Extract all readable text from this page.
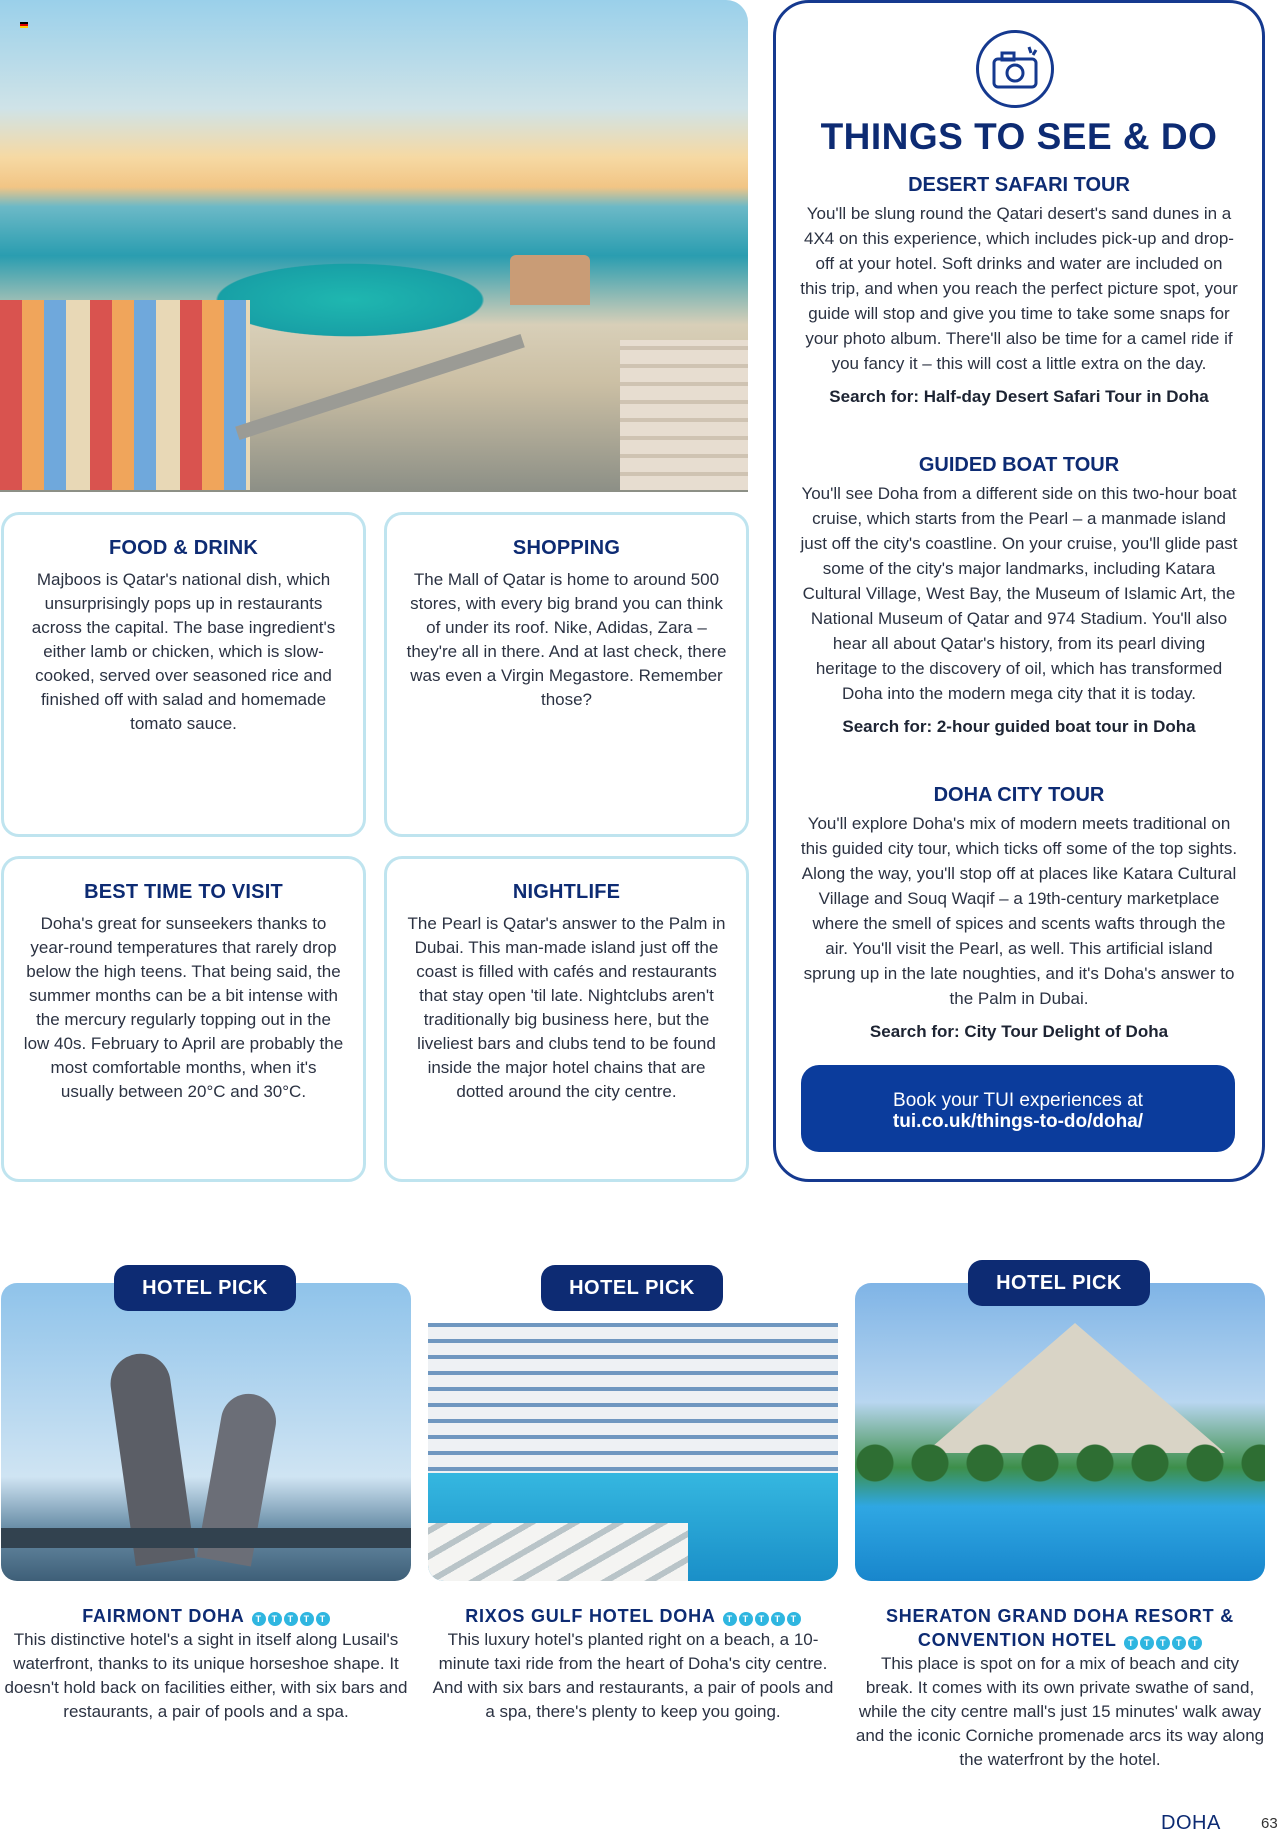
FOOD & DRINK

Majboos is Qatar's national dish, which unsurprisingly pops up in restaurants across the capital. The base ingredient's either lamb or chicken, which is slow-cooked, served over seasoned rice and finished off with salad and homemade tomato sauce.

SHOPPING

The Mall of Qatar is home to around 500 stores, with every big brand you can think of under its roof. Nike, Adidas, Zara – they're all in there. And at last check, there was even a Virgin Megastore. Remember those?

BEST TIME TO VISIT

Doha's great for sunseekers thanks to year-round temperatures that rarely drop below the high teens. That being said, the summer months can be a bit intense with the mercury regularly topping out in the low 40s. February to April are probably the most comfortable months, when it's usually between 20°C and 30°C.

NIGHTLIFE

The Pearl is Qatar's answer to the Palm in Dubai. This man-made island just off the coast is filled with cafés and restaurants that stay open 'til late. Nightclubs aren't traditionally big business here, but the liveliest bars and clubs tend to be found inside the major hotel chains that are dotted around the city centre.

THINGS TO SEE & DO
DESERT SAFARI TOUR

You'll be slung round the Qatari desert's sand dunes in a 4X4 on this experience, which includes pick-up and drop-off at your hotel. Soft drinks and water are included on this trip, and when you reach the perfect picture spot, your guide will stop and give you time to take some snaps for your photo album. There'll also be time for a camel ride if you fancy it – this will cost a little extra on the day.

Search for: Half-day Desert Safari Tour in Doha

GUIDED BOAT TOUR

You'll see Doha from a different side on this two-hour boat cruise, which starts from the Pearl – a manmade island just off the city's coastline. On your cruise, you'll glide past some of the city's major landmarks, including Katara Cultural Village, West Bay, the Museum of Islamic Art, the National Museum of Qatar and 974 Stadium. You'll also hear all about Qatar's history, from its pearl diving heritage to the discovery of oil, which has transformed Doha into the modern mega city that it is today.

Search for: 2-hour guided boat tour in Doha

DOHA CITY TOUR

You'll explore Doha's mix of modern meets traditional on this guided city tour, which ticks off some of the top sights. Along the way, you'll stop off at places like Katara Cultural Village and Souq Waqif – a 19th-century marketplace where the smell of spices and scents wafts through the air. You'll visit the Pearl, as well. This artificial island sprung up in the late noughties, and it's Doha's answer to the Palm in Dubai.

Search for: City Tour Delight of Doha

Book your TUI experiences at
tui.co.uk/things-to-do/doha/
HOTEL PICK	HOTEL PICK	HOTEL PICK
FAIRMONT DOHA T T T T T

This distinctive hotel's a sight in itself along Lusail's waterfront, thanks to its unique horseshoe shape. It doesn't hold back on facilities either, with six bars and restaurants, a pair of pools and a spa.

RIXOS GULF HOTEL DOHA T T T T T

This luxury hotel's planted right on a beach, a 10-minute taxi ride from the heart of Doha's city centre. And with six bars and restaurants, a pair of pools and a spa, there's plenty to keep you going.

SHERATON GRAND DOHA RESORT &
CONVENTION HOTEL T T T T T

This place is spot on for a mix of beach and city break. It comes with its own private swathe of sand, while the city centre mall's just 15 minutes' walk away and the iconic Corniche promenade arcs its way along the waterfront by the hotel.

DOHA	63
